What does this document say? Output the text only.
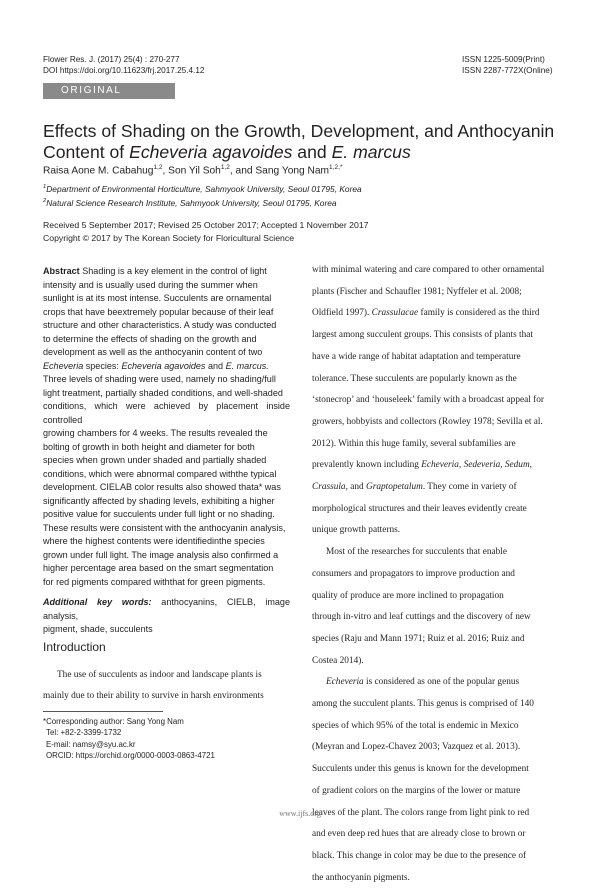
Flower Res. J. (2017) 25(4) : 270-277
DOI https://doi.org/10.11623/frj.2017.25.4.12
ISSN 1225-5009(Print)
ISSN 2287-772X(Online)
ORIGINAL ARTICLE
Effects of Shading on the Growth, Development, and Anthocyanin
Content of Echeveria agavoides and E. marcus
Raisa Aone M. Cabahug$^{1,2}$, Son Yil Soh$^{1,2}$, and Sang Yong Nam$^{1,2,*}$
$^1$Department of Environmental Horticulture, Sahmyook University, Seoul 01795, Korea
$^2$Natural Science Research Institute, Sahmyook University, Seoul 01795, Korea
Received 5 September 2017; Revised 25 October 2017; Accepted 1 November 2017
Copyright © 2017 by The Korean Society for Floricultural Science
Abstract Shading is a key element in the control of light
intensity and is usually used during the summer when
sunlight is at its most intense. Succulents are ornamental
crops that have beextremely popular because of their leaf
structure and other characteristics. A study was conducted
to determine the effects of shading on the growth and
development as well as the anthocyanin content of two
Echeveria species: Echeveria agavoides and E. marcus.
Three levels of shading were used, namely no shading/full
light treatment, partially shaded conditions, and well-shaded
conditions, which were achieved by placement inside controlled
growing chambers for 4 weeks. The results revealed the
bolting of growth in both height and diameter for both
species when grown under shaded and partially shaded
conditions, which were abnormal compared withthe typical
development. CIELAB color results also showed thata* was
significantly affected by shading levels, exhibiting a higher
positive value for succulents under full light or no shading.
These results were consistent with the anthocyanin analysis,
where the highest contents were identifiedinthe species
grown under full light. The image analysis also confirmed a
higher percentage area based on the smart segmentation
for red pigments compared withthat for green pigments.
Additional key words: anthocyanins, CIELB, image analysis,
pigment, shade, succulents
Introduction
The use of succulents as indoor and landscape plants is
mainly due to their ability to survive in harsh environments
*Corresponding author: Sang Yong Nam
Tel: +82-2-3399-1732
E-mail: namsy@syu.ac.kr
ORCID: https://orchid.org/0000-0003-0863-4721
with minimal watering and care compared to other ornamental
plants (Fischer and Schaufler 1981; Nyffeler et al. 2008;
Oldfield 1997). Crassulacae family is considered as the third
largest among succulent groups. This consists of plants that
have a wide range of habitat adaptation and temperature
tolerance. These succulents are popularly known as the
‘stonecrop’ and ‘houseleek’ family with a broadcast appeal for
growers, hobbyists and collectors (Rowley 1978; Sevilla et al.
2012). Within this huge family, several subfamilies are
prevalently known including Echeveria, Sedeveria, Sedum,
Crassula, and Graptopetalum. They come in variety of
morphological structures and their leaves evidently create
unique growth patterns.
Most of the researches for succulents that enable
consumers and propagators to improve production and
quality of produce are more inclined to propagation
through in-vitro and leaf cuttings and the discovery of new
species (Raju and Mann 1971; Ruiz et al. 2016; Ruiz and
Costea 2014).
Echeveria is considered as one of the popular genus
among the succulent plants. This genus is comprised of 140
species of which 95% of the total is endemic in Mexico
(Meyran and Lopez-Chavez 2003; Vazquez et al. 2013).
Succulents under this genus is known for the development
of gradient colors on the margins of the lower or mature
leaves of the plant. The colors range from light pink to red
and even deep red hues that are already close to brown or
black. This change in color may be due to the presence of
the anthocyanin pigments.
www.ijfs.org
